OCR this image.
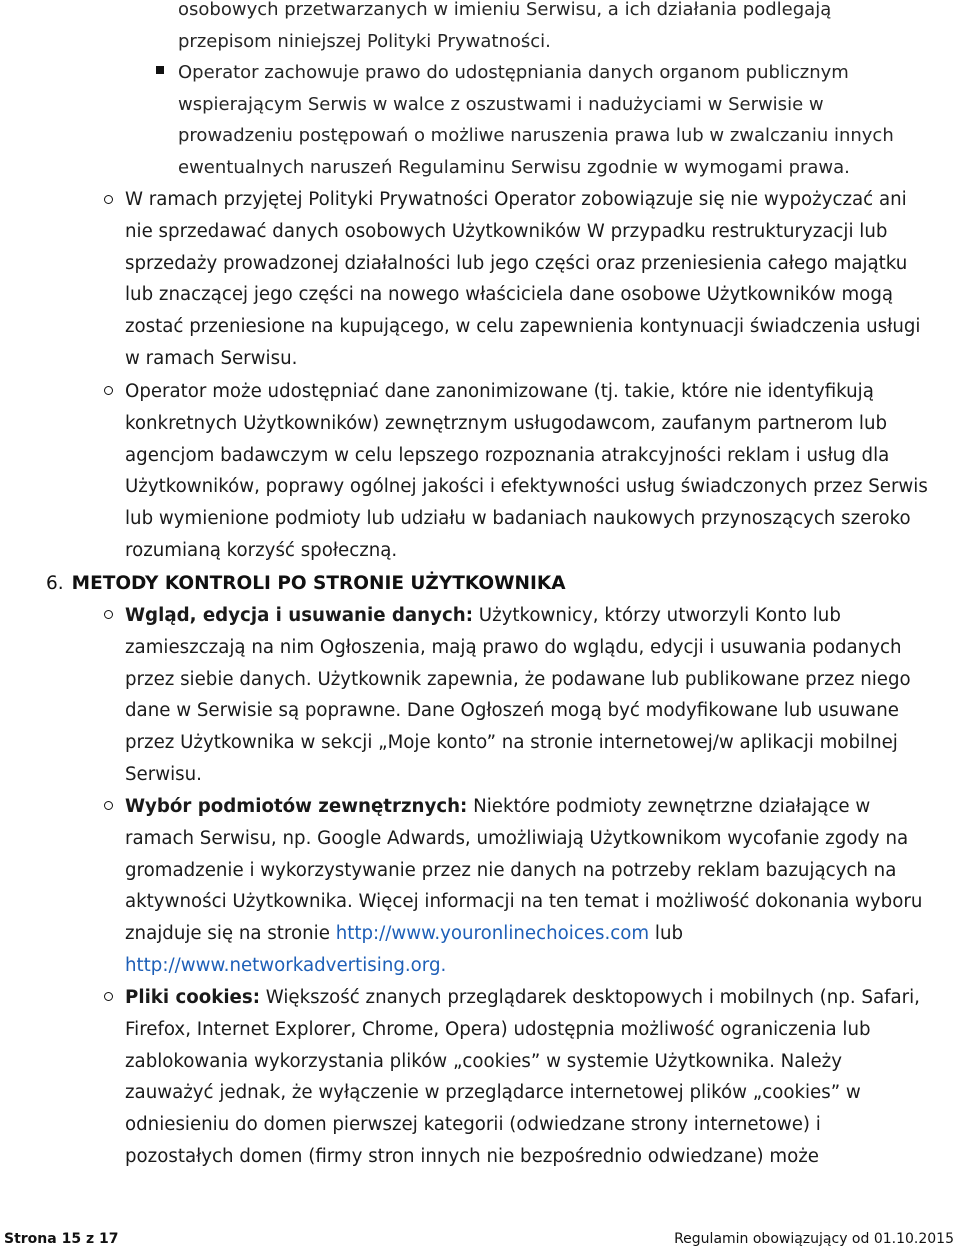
osobowych przetwarzanych w imieniu Serwisu, a ich działania podlegają przepisom niniejszej Polityki Prywatności.
Operator zachowuje prawo do udostępniania danych organom publicznym wspierającym Serwis w walce z oszustwami i nadużyciami w Serwisie w prowadzeniu postępowań o możliwe naruszenia prawa lub w zwalczaniu innych ewentualnych naruszeń Regulaminu Serwisu zgodnie w wymogami prawa.
W ramach przyjętej Polityki Prywatności Operator zobowiązuje się nie wypożyczać ani nie sprzedawać danych osobowych Użytkowników W przypadku restrukturyzacji lub sprzedaży prowadzonej działalności lub jego części oraz przeniesienia całego majątku lub znaczącej jego części na nowego właściciela dane osobowe Użytkowników mogą zostać przeniesione na kupującego, w celu zapewnienia kontynuacji świadczenia usługi w ramach Serwisu.
Operator może udostępniać dane zanonimizowane (tj. takie, które nie identyfikują konkretnych Użytkowników) zewnętrznym usługodawcom, zaufanym partnerom lub agencjom badawczym w celu lepszego rozpoznania atrakcyjności reklam i usług dla Użytkowników, poprawy ogólnej jakości i efektywności usług świadczonych przez Serwis lub wymienione podmioty lub udziału w badaniach naukowych przynoszących szeroko rozumianą korzyść społeczną.
6. METODY KONTROLI PO STRONIE UŻYTKOWNIKA
Wgląd, edycja i usuwanie danych: Użytkownicy, którzy utworzyli Konto lub zamieszczają na nim Ogłoszenia, mają prawo do wglądu, edycji i usuwania podanych przez siebie danych. Użytkownik zapewnia, że podawane lub publikowane przez niego dane w Serwisie są poprawne. Dane Ogłoszeń mogą być modyfikowane lub usuwane przez Użytkownika w sekcji „Moje konto” na stronie internetowej/w aplikacji mobilnej Serwisu.
Wybór podmiotów zewnętrznych: Niektóre podmioty zewnętrzne działające w ramach Serwisu, np. Google Adwards, umożliwiają Użytkownikom wycofanie zgody na gromadzenie i wykorzystywanie przez nie danych na potrzeby reklam bazujących na aktywności Użytkownika. Więcej informacji na ten temat i możliwość dokonania wyboru znajduje się na stronie http://www.youronlinechoices.com lub http://www.networkadvertising.org.
Pliki cookies: Większość znanych przeglądarek desktopowych i mobilnych (np. Safari, Firefox, Internet Explorer, Chrome, Opera) udostępnia możliwość ograniczenia lub zablokowania wykorzystania plików „cookies” w systemie Użytkownika. Należy zauważyć jednak, że wyłączenie w przeglądarce internetowej plików „cookies” w odniesieniu do domen pierwszej kategorii (odwiedzane strony internetowe) i pozostałych domen (firmy stron innych nie bezpośrednio odwiedzane) może
Strona 15 z 17	Regulamin obowiązujący od 01.10.2015
